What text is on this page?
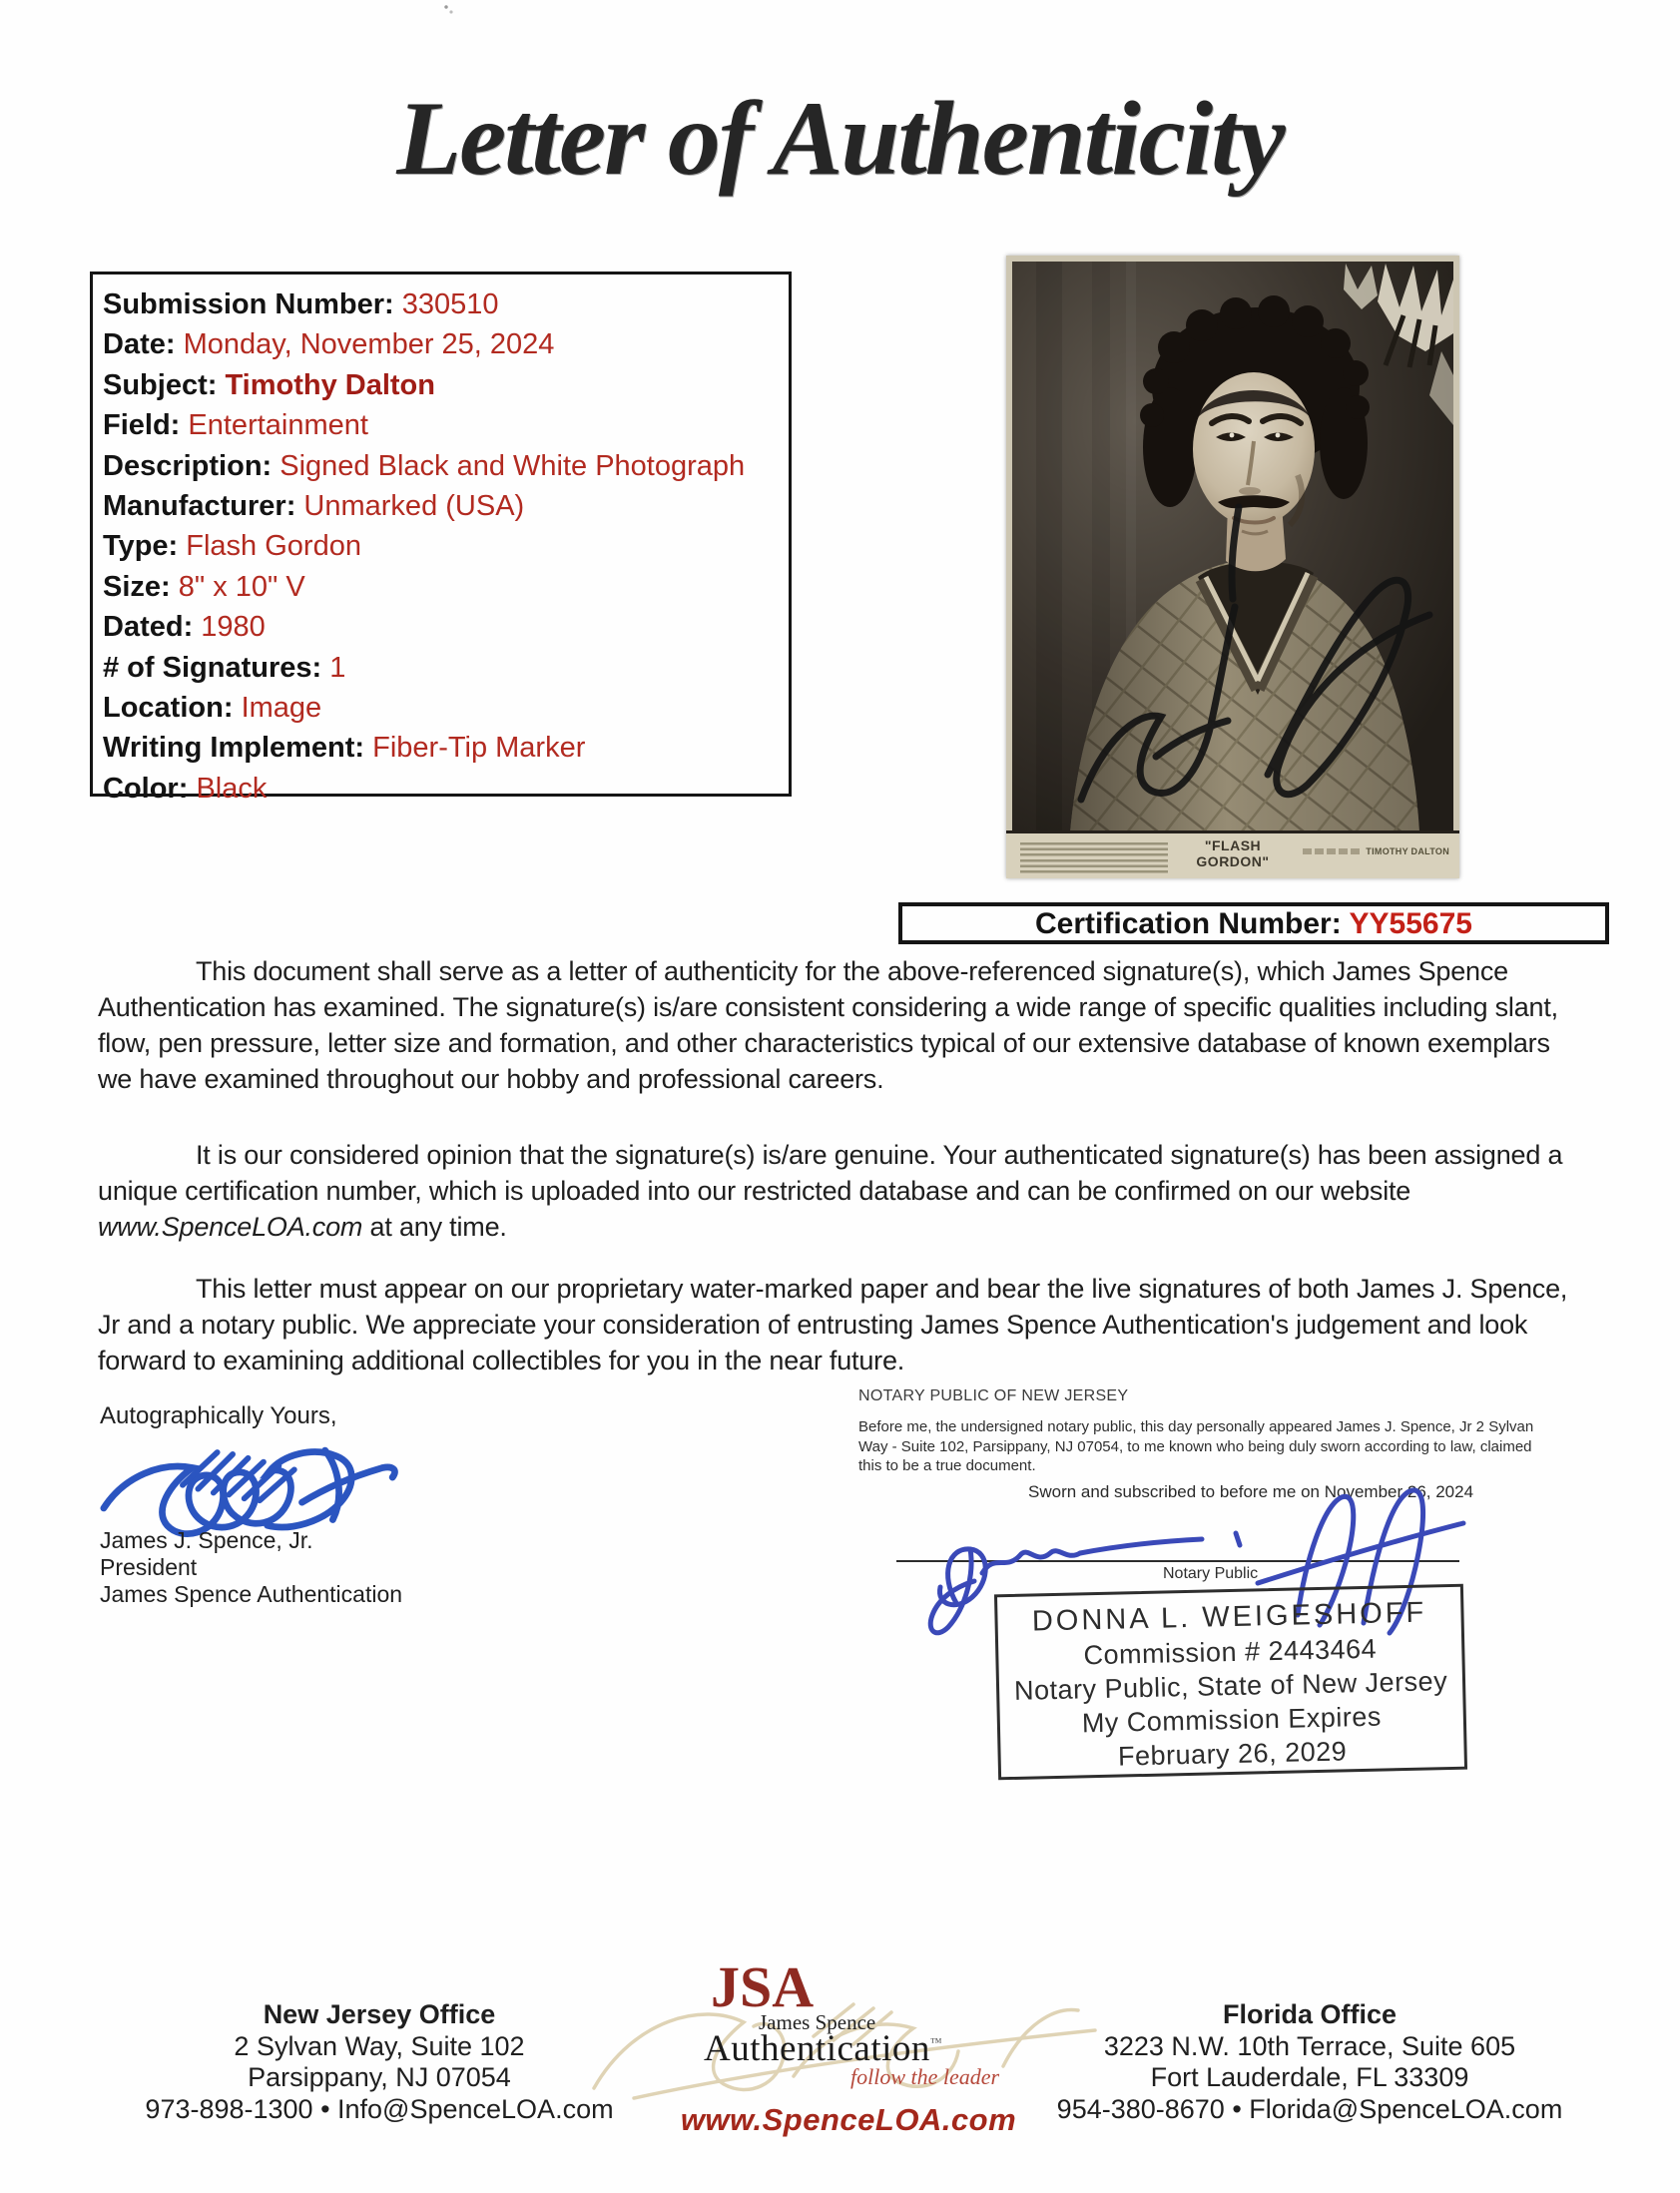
Letter of Authenticity
Submission Number: 330510
Date: Monday, November 25, 2024
Subject: Timothy Dalton
Field: Entertainment
Description: Signed Black and White Photograph
Manufacturer: Unmarked (USA)
Type: Flash Gordon
Size: 8" x 10" V
Dated: 1980
# of Signatures: 1
Location: Image
Writing Implement: Fiber-Tip Marker
Color: Black
"FLASH
GORDON"
TIMOTHY DALTON
Certification Number: YY55675
This document shall serve as a letter of authenticity for the above-referenced signature(s), which James Spence Authentication has examined. The signature(s) is/are consistent considering a wide range of specific qualities including slant, flow, pen pressure, letter size and formation, and other characteristics typical of our extensive database of known exemplars we have examined throughout our hobby and professional careers.
It is our considered opinion that the signature(s) is/are genuine. Your authenticated signature(s) has been assigned a unique certification number, which is uploaded into our restricted database and can be confirmed on our website www.SpenceLOA.com at any time.
This letter must appear on our proprietary water-marked paper and bear the live signatures of both James J. Spence, Jr and a notary public. We appreciate your consideration of entrusting James Spence Authentication's judgement and look forward to examining additional collectibles for you in the near future.
Autographically Yours,
James J. Spence, Jr.
President
James Spence Authentication
NOTARY PUBLIC OF NEW JERSEY
Before me, the undersigned notary public, this day personally appeared James J. Spence, Jr 2 Sylvan Way - Suite 102, Parsippany, NJ 07054, to me known who being duly sworn according to law, claimed this to be a true document.
Sworn and subscribed to before me on November 26, 2024
Notary Public
DONNA L. WEIGESHOFF
Commission # 2443464
Notary Public, State of New Jersey
My Commission Expires
February 26, 2029
New Jersey Office
2 Sylvan Way, Suite 102
Parsippany, NJ 07054
973-898-1300 • Info@SpenceLOA.com
JSA
James Spence
Authentication™
follow the leader
www.SpenceLOA.com
Florida Office
3223 N.W. 10th Terrace, Suite 605
Fort Lauderdale, FL 33309
954-380-8670 • Florida@SpenceLOA.com
